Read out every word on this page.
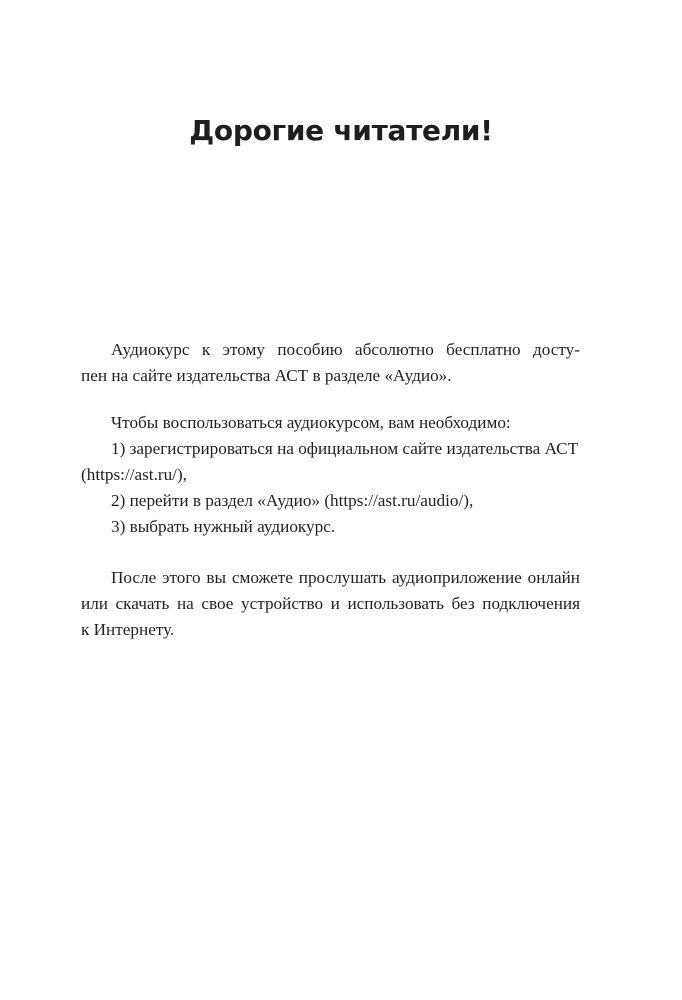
Дорогие читатели!
Аудиокурс к этому пособию абсолютно бесплатно досту-
пен на сайте издательства АСТ в разделе «Аудио».
Чтобы воспользоваться аудиокурсом, вам необходимо:
1) зарегистрироваться на официальном сайте издательства АСТ
(https://ast.ru/),
2) перейти в раздел «Аудио» (https://ast.ru/audio/),
3) выбрать нужный аудиокурс.
После этого вы сможете прослушать аудиоприложение онлайн
или скачать на свое устройство и использовать без подключения
к Интернету.
